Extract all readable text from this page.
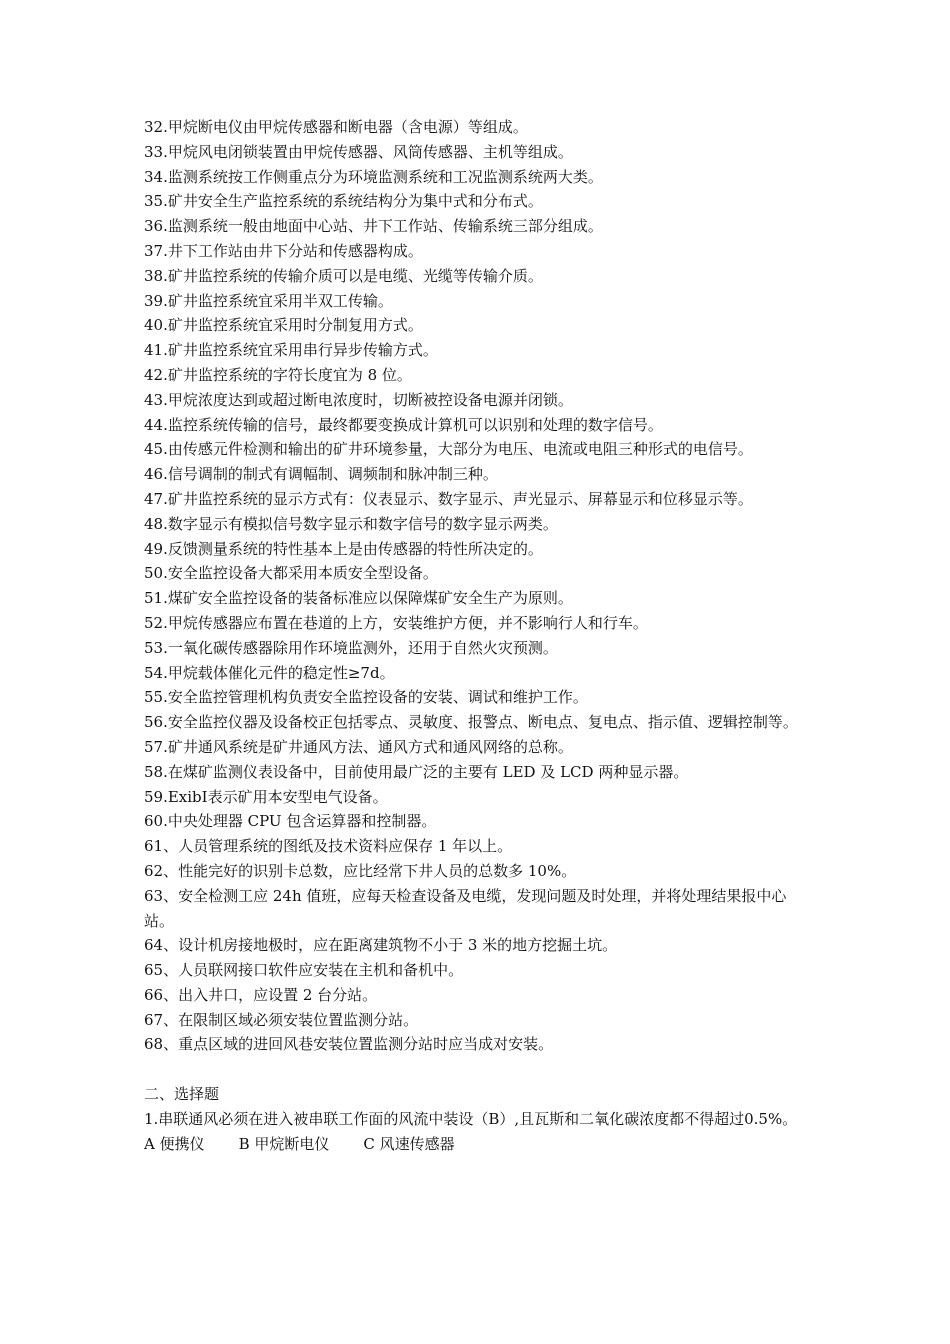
32.甲烷断电仪由甲烷传感器和断电器（含电源）等组成。
33.甲烷风电闭锁装置由甲烷传感器、风筒传感器、主机等组成。
34.监测系统按工作侧重点分为环境监测系统和工况监测系统两大类。
35.矿井安全生产监控系统的系统结构分为集中式和分布式。
36.监测系统一般由地面中心站、井下工作站、传输系统三部分组成。
37.井下工作站由井下分站和传感器构成。
38.矿井监控系统的传输介质可以是电缆、光缆等传输介质。
39.矿井监控系统宜采用半双工传输。
40.矿井监控系统宜采用时分制复用方式。
41.矿井监控系统宜采用串行异步传输方式。
42.矿井监控系统的字符长度宜为 8 位。
43.甲烷浓度达到或超过断电浓度时，切断被控设备电源并闭锁。
44.监控系统传输的信号，最终都要变换成计算机可以识别和处理的数字信号。
45.由传感元件检测和输出的矿井环境参量，大部分为电压、电流或电阻三种形式的电信号。
46.信号调制的制式有调幅制、调频制和脉冲制三种。
47.矿井监控系统的显示方式有：仪表显示、数字显示、声光显示、屏幕显示和位移显示等。
48.数字显示有模拟信号数字显示和数字信号的数字显示两类。
49.反馈测量系统的特性基本上是由传感器的特性所决定的。
50.安全监控设备大都采用本质安全型设备。
51.煤矿安全监控设备的装备标准应以保障煤矿安全生产为原则。
52.甲烷传感器应布置在巷道的上方，安装维护方便，并不影响行人和行车。
53.一氧化碳传感器除用作环境监测外，还用于自然火灾预测。
54.甲烷载体催化元件的稳定性≥7d。
55.安全监控管理机构负责安全监控设备的安装、调试和维护工作。
56.安全监控仪器及设备校正包括零点、灵敏度、报警点、断电点、复电点、指示值、逻辑控制等。
57.矿井通风系统是矿井通风方法、通风方式和通风网络的总称。
58.在煤矿监测仪表设备中，目前使用最广泛的主要有 LED 及 LCD 两种显示器。
59.ExibⅠ表示矿用本安型电气设备。
60.中央处理器 CPU 包含运算器和控制器。
61、人员管理系统的图纸及技术资料应保存 1 年以上。
62、性能完好的识别卡总数，应比经常下井人员的总数多 10%。
63、安全检测工应 24h 值班，应每天检查设备及电缆，发现问题及时处理，并将处理结果报中心站。
64、设计机房接地极时，应在距离建筑物不小于 3 米的地方挖掘土坑。
65、人员联网接口软件应安装在主机和备机中。
66、出入井口，应设置 2 台分站。
67、在限制区域必须安装位置监测分站。
68、重点区域的进回风巷安装位置监测分站时应当成对安装。
二、选择题
1.串联通风必须在进入被串联工作面的风流中装设（B）,且瓦斯和二氧化碳浓度都不得超过0.5%。
A 便携仪 B 甲烷断电仪 C 风速传感器
